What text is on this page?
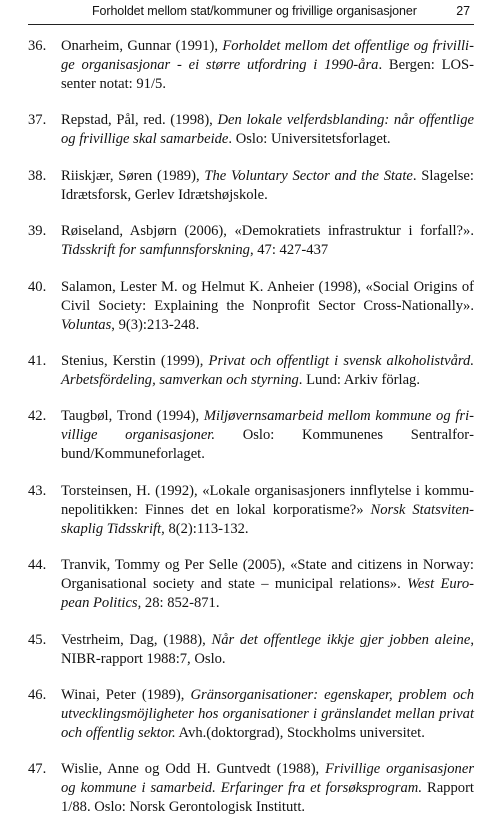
Forholdet mellom stat/kommuner og frivillige organisasjoner	27
36. Onarheim, Gunnar (1991), Forholdet mellom det offentlige og frivillige organisasjonar - ei større utfordring i 1990-åra. Bergen: LOS-senter notat: 91/5.
37. Repstad, Pål, red. (1998), Den lokale velferdsblanding: når offentlige og frivillige skal samarbeide. Oslo: Universitetsforlaget.
38. Riiskjær, Søren (1989), The Voluntary Sector and the State. Slagelse: Idrætsforsk, Gerlev Idrætshøjskole.
39. Røiseland, Asbjørn (2006), «Demokratiets infrastruktur i forfall?». Tidsskrift for samfunnsforskning, 47: 427-437
40. Salamon, Lester M. og Helmut K. Anheier (1998), «Social Origins of Civil Society: Explaining the Nonprofit Sector Cross-Nationally». Voluntas, 9(3):213-248.
41. Stenius, Kerstin (1999), Privat och offentligt i svensk alkoholistvård. Arbetsfördeling, samverkan och styrning. Lund: Arkiv förlag.
42. Taugbøl, Trond (1994), Miljøvernsamarbeid mellom kommune og frivillige organisasjoner. Oslo: Kommunenes Sentralforbund/Kommuneforlaget.
43. Torsteinsen, H. (1992), «Lokale organisasjoners innflytelse i kommunepolitikken: Finnes det en lokal korporatisme?» Norsk Statsvitenskaplig Tidsskrift, 8(2):113-132.
44. Tranvik, Tommy og Per Selle (2005), «State and citizens in Norway: Organisational society and state – municipal relations». West European Politics, 28: 852-871.
45. Vestrheim, Dag, (1988), Når det offentlege ikkje gjer jobben aleine, NIBR-rapport 1988:7, Oslo.
46. Winai, Peter (1989), Gränsorganisationer: egenskaper, problem och utvecklingsmöjligheter hos organisationer i gränslandet mellan privat och offentlig sektor. Avh.(doktorgrad), Stockholms universitet.
47. Wislie, Anne og Odd H. Guntvedt (1988), Frivillige organisasjoner og kommune i samarbeid. Erfaringer fra et forsøksprogram. Rapport 1/88. Oslo: Norsk Gerontologisk Institutt.
